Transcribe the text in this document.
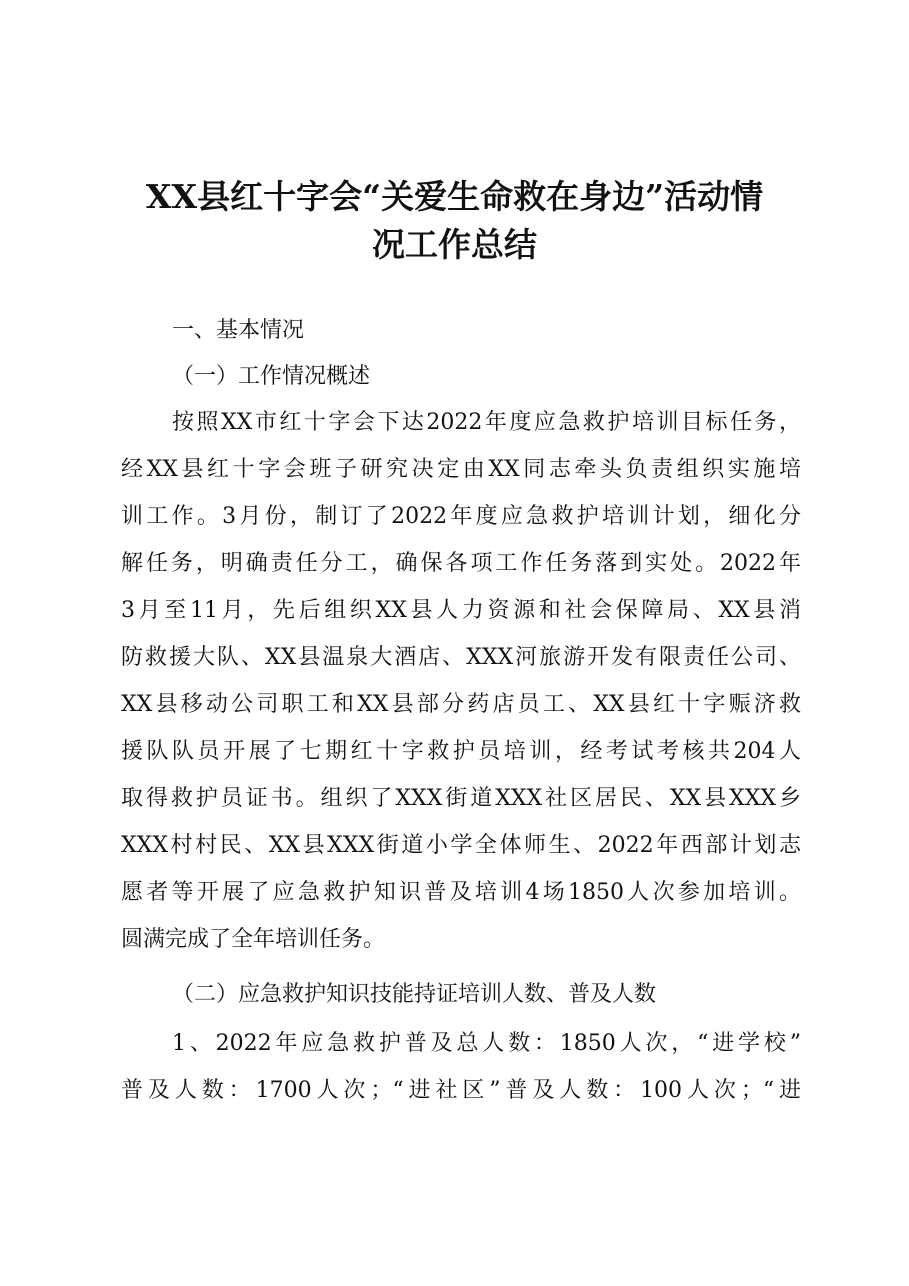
XX县红十字会“关爱生命救在身边”活动情
况工作总结
一、基本情况
（一）工作情况概述
按照XX市红十字会下达2022年度应急救护培训目标任务，
经XX县红十字会班子研究决定由XX同志牵头负责组织实施培
训工作。3月份，制订了2022年度应急救护培训计划，细化分
解任务，明确责任分工，确保各项工作任务落到实处。2022年
3月至11月，先后组织XX县人力资源和社会保障局、XX县消
防救援大队、XX县温泉大酒店、XXX河旅游开发有限责任公司、
XX县移动公司职工和XX县部分药店员工、XX县红十字赈济救
援队队员开展了七期红十字救护员培训，经考试考核共204人
取得救护员证书。组织了XXX街道XXX社区居民、XX县XXX乡
XXX村村民、XX县XXX街道小学全体师生、2022年西部计划志
愿者等开展了应急救护知识普及培训4场1850人次参加培训。
圆满完成了全年培训任务。
（二）应急救护知识技能持证培训人数、普及人数
1、2022年应急救护普及总人数：1850人次，“进学校”
普及人数：1700人次；“进社区”普及人数：100人次；“进
